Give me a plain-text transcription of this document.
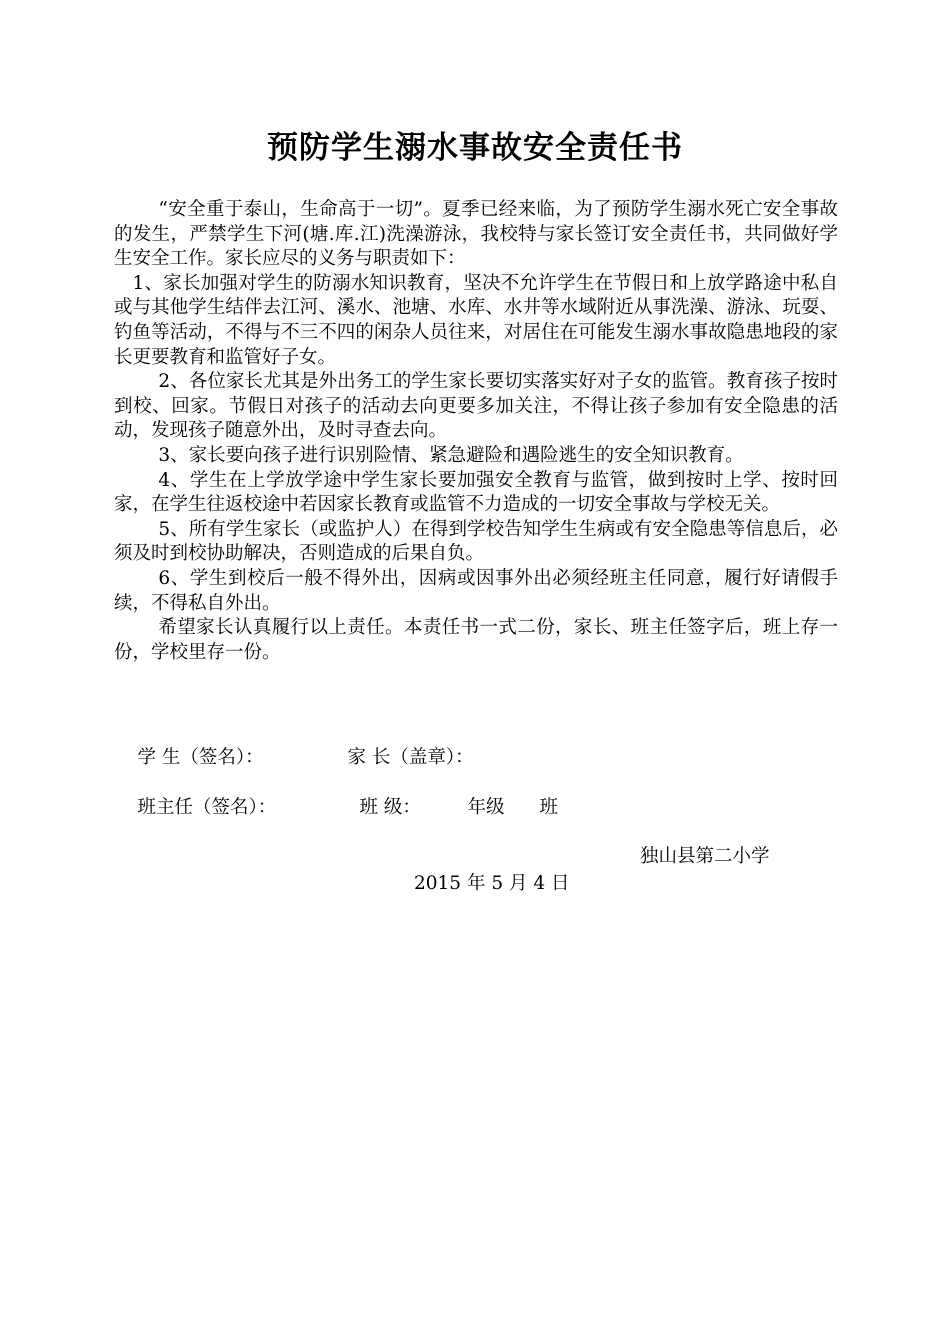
预防学生溺水事故安全责任书

“安全重于泰山，生命高于一切”。夏季已经来临，为了预防学生溺水死亡安全事故的发生，严禁学生下河(塘.库.江)洗澡游泳，我校特与家长签订安全责任书，共同做好学生安全工作。家长应尽的义务与职责如下：

1、家长加强对学生的防溺水知识教育，坚决不允许学生在节假日和上放学路途中私自或与其他学生结伴去江河、溪水、池塘、水库、水井等水域附近从事洗澡、游泳、玩耍、钓鱼等活动，不得与不三不四的闲杂人员往来，对居住在可能发生溺水事故隐患地段的家长更要教育和监管好子女。

2、各位家长尤其是外出务工的学生家长要切实落实好对子女的监管。教育孩子按时到校、回家。节假日对孩子的活动去向更要多加关注，不得让孩子参加有安全隐患的活动，发现孩子随意外出，及时寻查去向。

3、家长要向孩子进行识别险情、紧急避险和遇险逃生的安全知识教育。

4、学生在上学放学途中学生家长要加强安全教育与监管，做到按时上学、按时回家，在学生往返校途中若因家长教育或监管不力造成的一切安全事故与学校无关。

5、所有学生家长（或监护人）在得到学校告知学生生病或有安全隐患等信息后，必须及时到校协助解决，否则造成的后果自负。

6、学生到校后一般不得外出，因病或因事外出必须经班主任同意，履行好请假手续，不得私自外出。

希望家长认真履行以上责任。本责任书一式二份，家长、班主任签字后，班上存一份，学校里存一份。

学 生（签名）：	家 长（盖章）：

班主任（签名）：	班 级：	年级 班

独山县第二小学
2015 年 5 月 4 日
